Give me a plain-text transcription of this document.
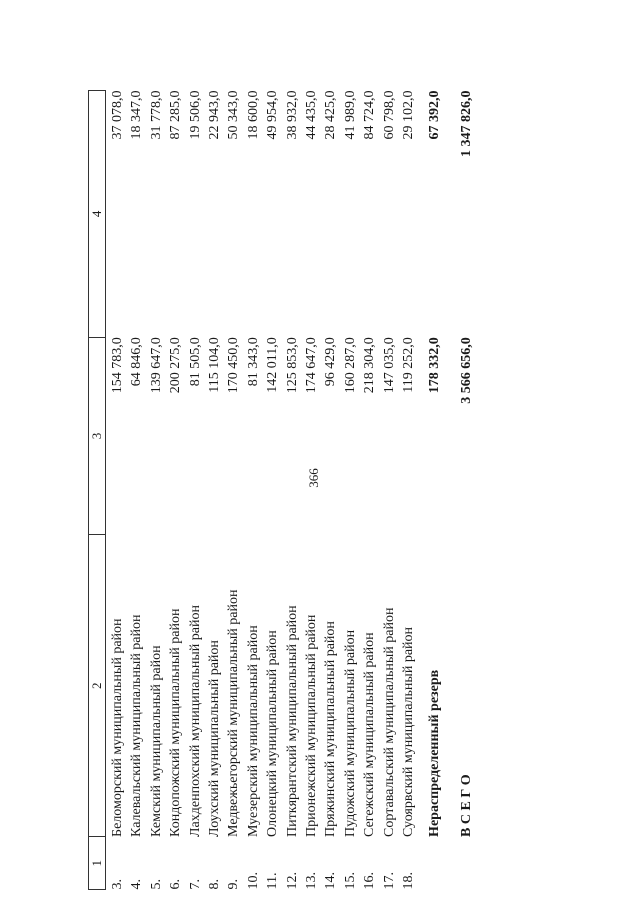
366
1	2	3	4
3.	Беломорский муниципальный район	154 783,0	37 078,0
4.	Калевальский муниципальный район	64 846,0	18 347,0
5.	Кемский муниципальный район	139 647,0	31 778,0
6.	Кондопожский муниципальный район	200 275,0	87 285,0
7.	Лахденпохский муниципальный район	81 505,0	19 506,0
8.	Лоухский муниципальный район	115 104,0	22 943,0
9.	Медвежьегорский муниципальный район	170 450,0	50 343,0
10.	Муезерский муниципальный район	81 343,0	18 600,0
11.	Олонецкий муниципальный район	142 011,0	49 954,0
12.	Питкярантский муниципальный район	125 853,0	38 932,0
13.	Прионежский муниципальный район	174 647,0	44 435,0
14.	Пряжинский муниципальный район	96 429,0	28 425,0
15.	Пудожский муниципальный район	160 287,0	41 989,0
16.	Сегежский муниципальный район	218 304,0	84 724,0
17.	Сортавальский муниципальный район	147 035,0	60 798,0
18.	Суоярвский муниципальный район	119 252,0	29 102,0
	Нераспределенный резерв	178 332,0	67 392,0
	В С Е Г О	3 566 656,0	1 347 826,0
